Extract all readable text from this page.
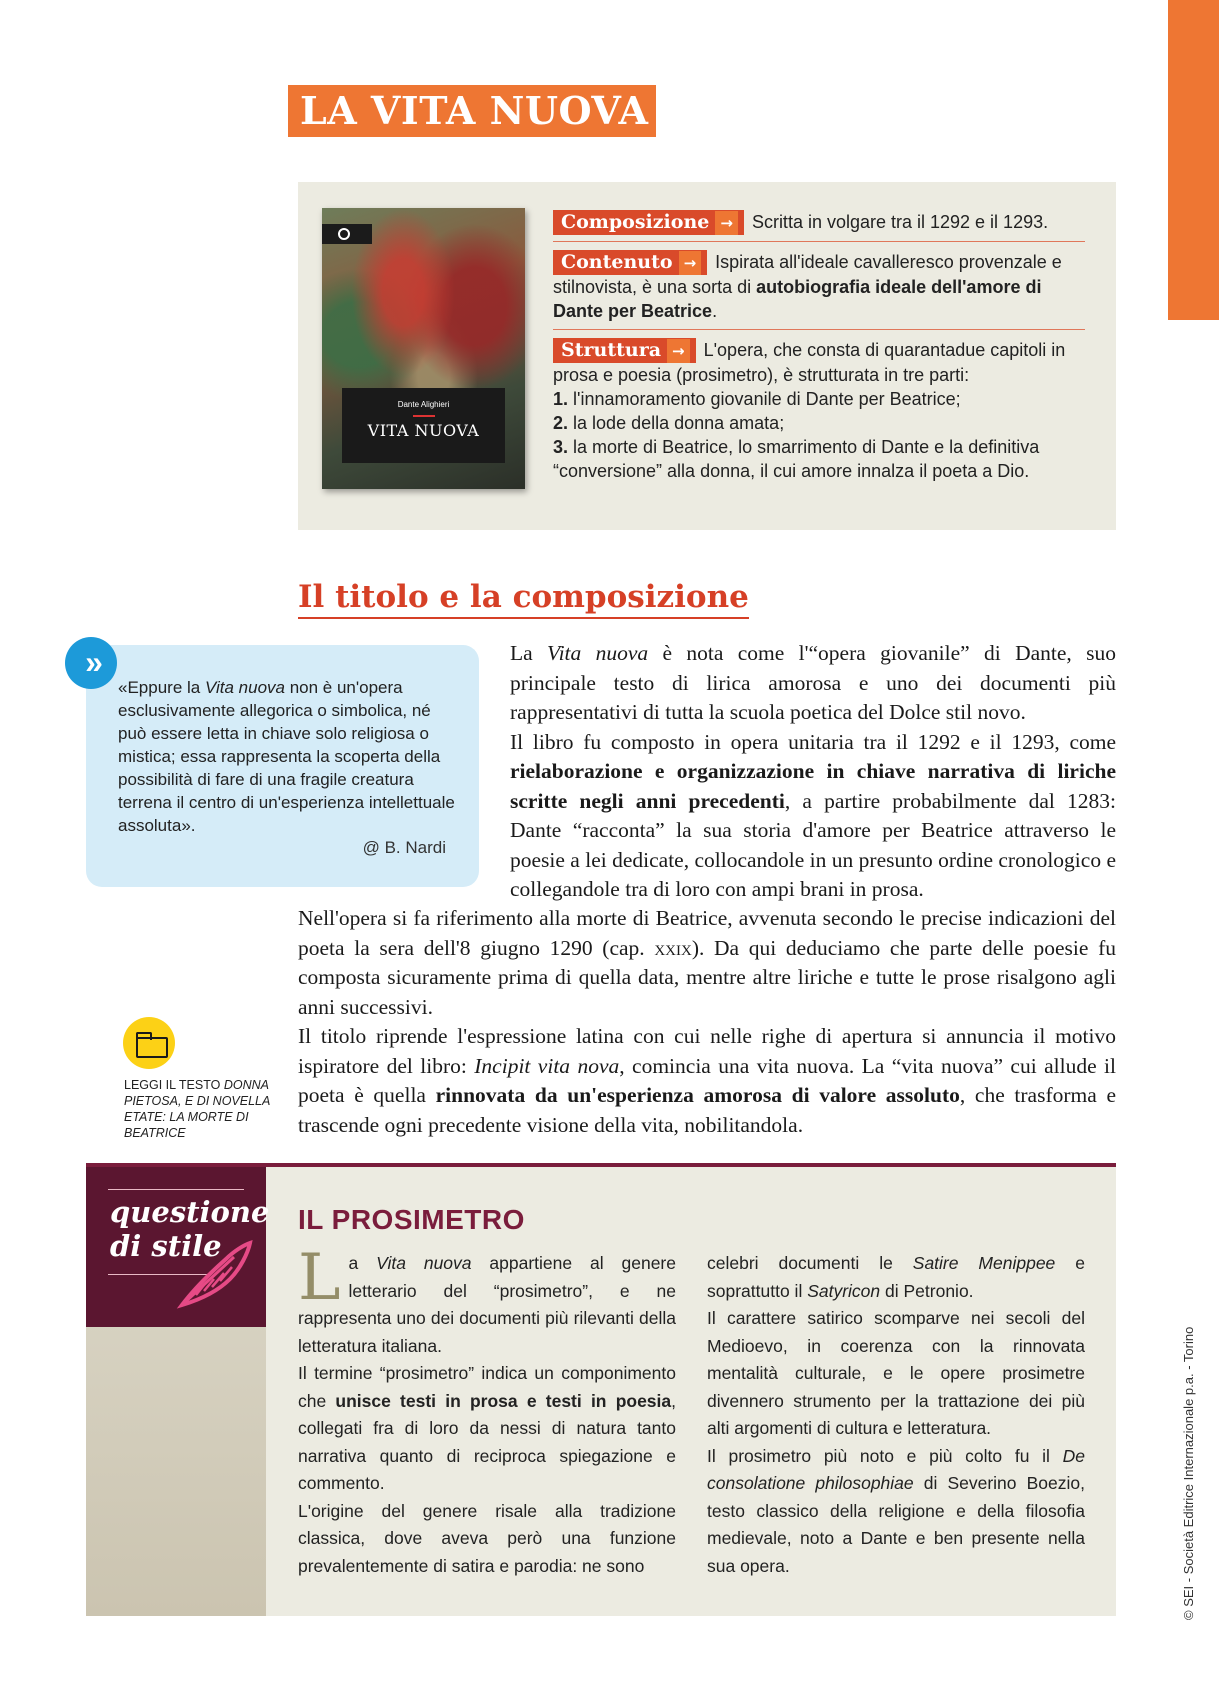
LA VITA NUOVA
Dante Alighieri
VITA NUOVA
Composizione → Scritta in volgare tra il 1292 e il 1293.
Contenuto → Ispirata all'ideale cavalleresco provenzale e stilnovista, è una sorta di autobiografia ideale dell'amore di Dante per Beatrice.
Struttura → L'opera, che consta di quarantadue capitoli in prosa e poesia (prosimetro), è strutturata in tre parti:
1. l'innamoramento giovanile di Dante per Beatrice;
2. la lode della donna amata;
3. la morte di Beatrice, lo smarrimento di Dante e la definitiva “conversione” alla donna, il cui amore innalza il poeta a Dio.
Il titolo e la composizione
»
«Eppure la Vita nuova non è un'opera esclusivamente allegorica o simbolica, né può essere letta in chiave solo religiosa o mistica; essa rappresenta la scoperta della possibilità di fare di una fragile creatura terrena il centro di un'esperienza intellettuale assoluta».
@ B. Nardi
La Vita nuova è nota come l'“opera giovanile” di Dante, suo principale testo di lirica amorosa e uno dei documenti più rappresentativi di tutta la scuola poetica del Dolce stil novo.
Il libro fu composto in opera unitaria tra il 1292 e il 1293, come rielaborazione e organizzazione in chiave narrativa di liriche scritte negli anni precedenti, a partire probabilmente dal 1283: Dante “racconta” la sua storia d'amore per Beatrice attraverso le poesie a lei dedicate, collocandole in un presunto ordine cronologico e collegandole tra di loro con ampi brani in prosa.
Nell'opera si fa riferimento alla morte di Beatrice, avvenuta secondo le precise indicazioni del poeta la sera dell'8 giugno 1290 (cap. xxix). Da qui deduciamo che parte delle poesie fu composta sicuramente prima di quella data, mentre altre liriche e tutte le prose risalgono agli anni successivi.
Il titolo riprende l'espressione latina con cui nelle righe di apertura si annuncia il motivo ispiratore del libro: Incipit vita nova, comincia una vita nuova. La “vita nuova” cui allude il poeta è quella rinnovata da un'esperienza amorosa di valore assoluto, che trasforma e trascende ogni precedente visione della vita, nobilitandola.
LEGGI IL TESTO DONNA PIETOSA, E DI NOVELLA ETATE: LA MORTE DI BEATRICE
questione
di stile
IL PROSIMETRO
La Vita nuova appartiene al genere letterario del “prosimetro”, e ne rappresenta uno dei documenti più rilevanti della letteratura italiana.
Il termine “prosimetro” indica un componimento che unisce testi in prosa e testi in poesia, collegati fra di loro da nessi di natura tanto narrativa quanto di reciproca spiegazione e commento.
L'origine del genere risale alla tradizione classica, dove aveva però una funzione prevalentemente di satira e parodia: ne sono
celebri documenti le Satire Menippee e soprattutto il Satyricon di Petronio.
Il carattere satirico scomparve nei secoli del Medioevo, in coerenza con la rinnovata mentalità culturale, e le opere prosimetre divennero strumento per la trattazione dei più alti argomenti di cultura e letteratura.
Il prosimetro più noto e più colto fu il De consolatione philosophiae di Severino Boezio, testo classico della religione e della filosofia medievale, noto a Dante e ben presente nella sua opera.	© SEI - Società Editrice Internazionale p.a. - Torino
